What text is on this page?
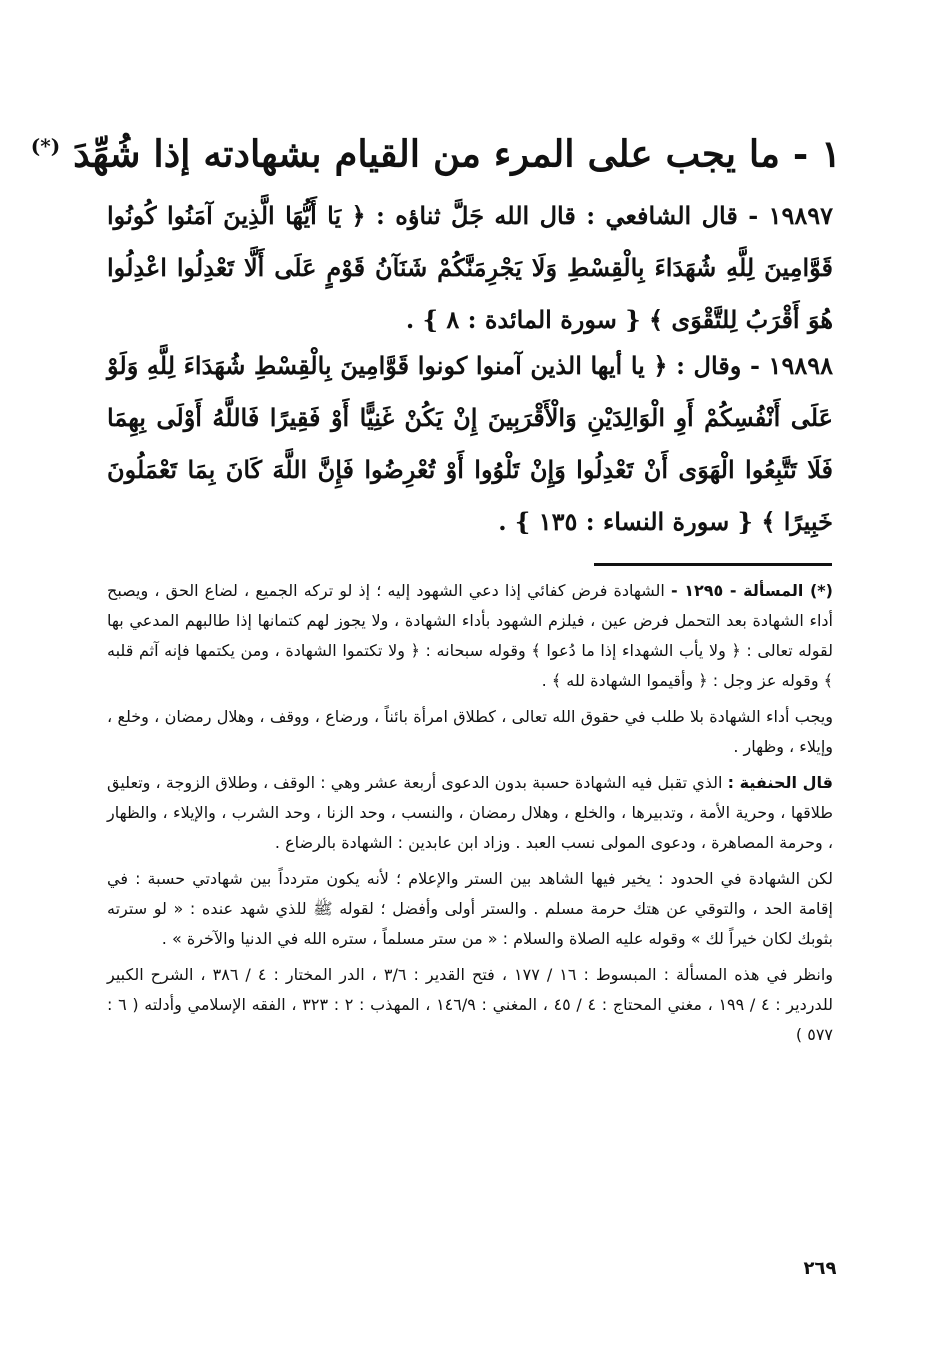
١ - ما يجب على المرء من القيام بشهادته إذا شُهِّدَ (*)
١٩٨٩٧ - قال الشافعي : قال الله جَلَّ ثناؤه : ﴿ يَا أَيُّهَا الَّذِينَ آمَنُوا كُونُوا قَوَّامِينَ لِلَّهِ شُهَدَاءَ بِالْقِسْطِ وَلَا يَجْرِمَنَّكُمْ شَنَآنُ قَوْمٍ عَلَى أَلَّا تَعْدِلُوا اعْدِلُوا هُوَ أَقْرَبُ لِلتَّقْوَى ﴾ { سورة المائدة : ٨ } .
١٩٨٩٨ - وقال : ﴿ يا أيها الذين آمنوا كونوا قَوَّامِينَ بِالْقِسْطِ شُهَدَاءَ لِلَّهِ وَلَوْ عَلَى أَنْفُسِكُمْ أَوِ الْوَالِدَيْنِ وَالْأَقْرَبِينَ إِنْ يَكُنْ غَنِيًّا أَوْ فَقِيرًا فَاللَّهُ أَوْلَى بِهِمَا فَلَا تَتَّبِعُوا الْهَوَى أَنْ تَعْدِلُوا وَإِنْ تَلْوُوا أَوْ تُعْرِضُوا فَإِنَّ اللَّهَ كَانَ بِمَا تَعْمَلُونَ خَبِيرًا ﴾ { سورة النساء : ١٣٥ } .

(*) المسألة - ١٢٩٥ - الشهادة فرض كفائي إذا دعي الشهود إليه ؛ إذ لو تركه الجميع ، لضاع الحق ، ويصبح أداء الشهادة بعد التحمل فرض عين ، فيلزم الشهود بأداء الشهادة ، ولا يجوز لهم كتمانها إذا طالبهم المدعي بها لقوله تعالى : ﴿ ولا يأب الشهداء إذا ما دُعوا ﴾ وقوله سبحانه : ﴿ ولا تكتموا الشهادة ، ومن يكتمها فإنه آثم قلبه ﴾ وقوله عز وجل : ﴿ وأقيموا الشهادة لله ﴾ .

ويجب أداء الشهادة بلا طلب في حقوق الله تعالى ، كطلاق امرأة بائناً ، ورضاع ، ووقف ، وهلال رمضان ، وخلع ، وإيلاء ، وظهار .

قال الحنفية : الذي تقبل فيه الشهادة حسبة بدون الدعوى أربعة عشر وهي : الوقف ، وطلاق الزوجة ، وتعليق طلاقها ، وحرية الأمة ، وتدبيرها ، والخلع ، وهلال رمضان ، والنسب ، وحد الزنا ، وحد الشرب ، والإيلاء ، والظهار ، وحرمة المصاهرة ، ودعوى المولى نسب العبد . وزاد ابن عابدين : الشهادة بالرضاع .

لكن الشهادة في الحدود : يخير فيها الشاهد بين الستر والإعلام ؛ لأنه يكون متردداً بين شهادتي حسبة : في إقامة الحد ، والتوقي عن هتك حرمة مسلم . والستر أولى وأفضل ؛ لقوله ﷺ للذي شهد عنده : « لو سترته بثوبك لكان خيراً لك » وقوله عليه الصلاة والسلام : « من ستر مسلماً ، ستره الله في الدنيا والآخرة » .

وانظر في هذه المسألة : المبسوط : ١٦ / ١٧٧ ، فتح القدير : ٣/٦ ، الدر المختار : ٤ / ٣٨٦ ، الشرح الكبير للدردير : ٤ / ١٩٩ ، مغني المحتاج : ٤ / ٤٥ ، المغني : ١٤٦/٩ ، المهذب : ٢ : ٣٢٣ ، الفقه الإسلامي وأدلته ( ٦ : ٥٧٧ )

٢٦٩
